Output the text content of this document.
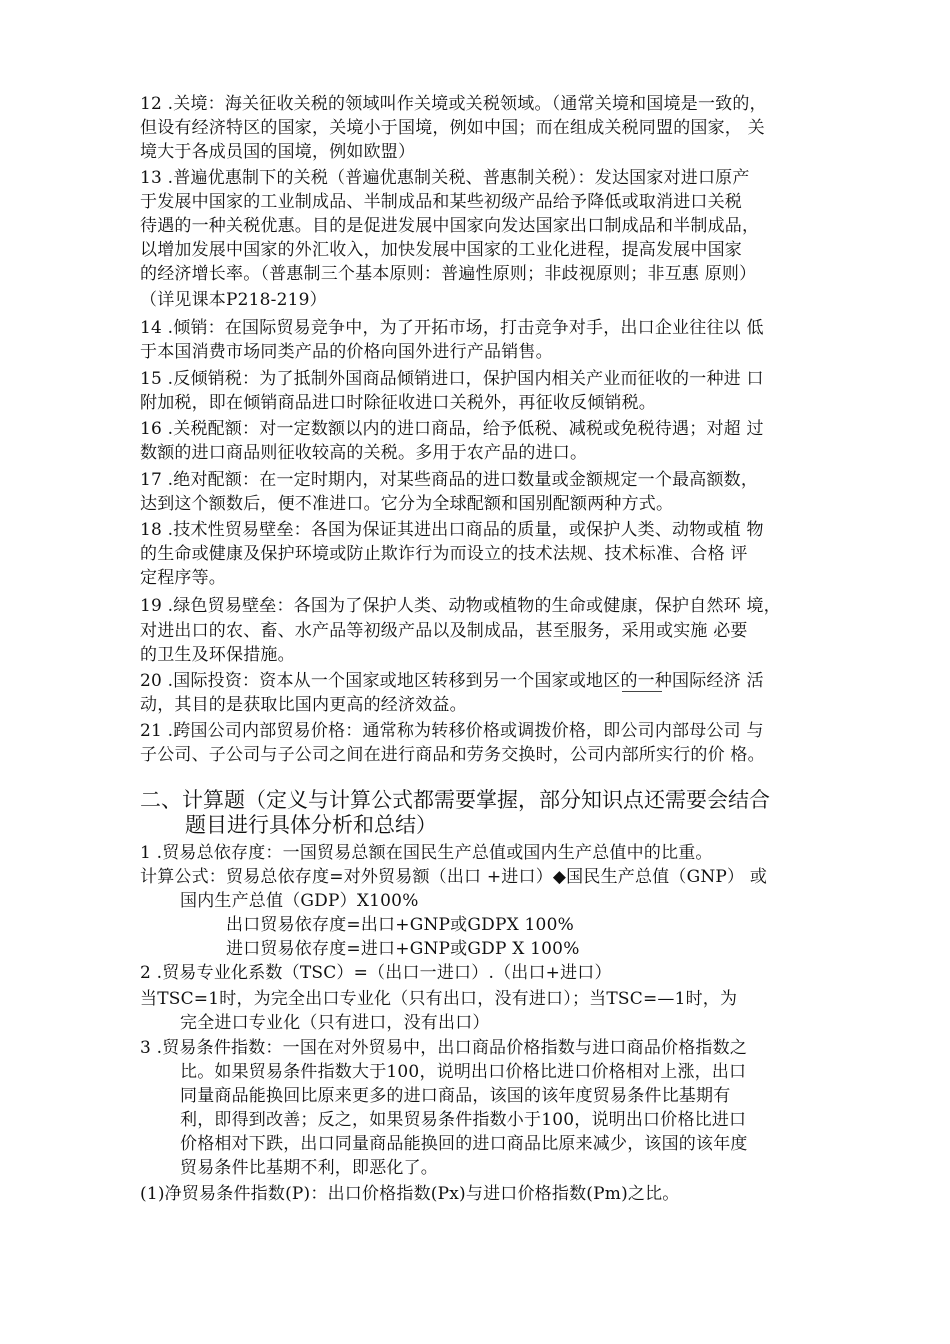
12 .关境：海关征收关税的领域叫作关境或关税领域。（通常关境和国境是一致的，
但设有经济特区的国家，关境小于国境，例如中国；而在组成关税同盟的国家， 关
境大于各成员国的国境，例如欧盟）
13 .普遍优惠制下的关税（普遍优惠制关税、普惠制关税）：发达国家对进口原产
于发展中国家的工业制成品、半制成品和某些初级产品给予降低或取消进口关税
待遇的一种关税优惠。目的是促进发展中国家向发达国家出口制成品和半制成品，
以增加发展中国家的外汇收入，加快发展中国家的工业化进程，提高发展中国家
的经济增长率。（普惠制三个基本原则：普遍性原则；非歧视原则；非互惠 原则）
（详见课本P218-219）
14 .倾销：在国际贸易竞争中，为了开拓市场，打击竞争对手，出口企业往往以 低
于本国消费市场同类产品的价格向国外进行产品销售。
15 .反倾销税：为了抵制外国商品倾销进口，保护国内相关产业而征收的一种进 口
附加税，即在倾销商品进口时除征收进口关税外，再征收反倾销税。
16 .关税配额：对一定数额以内的进口商品，给予低税、减税或免税待遇；对超 过
数额的进口商品则征收较高的关税。多用于农产品的进口。
17 .绝对配额：在一定时期内，对某些商品的进口数量或金额规定一个最高额数，
达到这个额数后，便不准进口。它分为全球配额和国别配额两种方式。
18 .技术性贸易壁垒：各国为保证其进出口商品的质量，或保护人类、动物或植 物
的生命或健康及保护环境或防止欺诈行为而设立的技术法规、技术标准、合格 评
定程序等。
19 .绿色贸易壁垒：各国为了保护人类、动物或植物的生命或健康，保护自然环 境，
对进出口的农、畜、水产品等初级产品以及制成品，甚至服务，采用或实施 必要
的卫生及环保措施。
20 .国际投资：资本从一个国家或地区转移到另一个国家或地区的一种国际经济 活
动，其目的是获取比国内更高的经济效益。
21 .跨国公司内部贸易价格：通常称为转移价格或调拨价格，即公司内部母公司 与
子公司、子公司与子公司之间在进行商品和劳务交换时，公司内部所实行的价 格。
二、计算题（定义与计算公式都需要掌握，部分知识点还需要会结合
题目进行具体分析和总结）
1 .贸易总依存度：一国贸易总额在国民生产总值或国内生产总值中的比重。
计算公式：贸易总依存度=对外贸易额（出口 +进口）◆国民生产总值（GNP） 或
国内生产总值（GDP）X100%
出口贸易依存度=出口+GNP或GDPX 100%
进口贸易依存度=进口+GNP或GDP X 100%
2 .贸易专业化系数（TSC）=（出口一进口）.（出口+进口）
当TSC=1时，为完全出口专业化（只有出口，没有进口）；当TSC=—1时，为
完全进口专业化（只有进口，没有出口）
3 .贸易条件指数：一国在对外贸易中，出口商品价格指数与进口商品价格指数之
比。如果贸易条件指数大于100，说明出口价格比进口价格相对上涨，出口
同量商品能换回比原来更多的进口商品，该国的该年度贸易条件比基期有
利，即得到改善；反之，如果贸易条件指数小于100，说明出口价格比进口
价格相对下跌，出口同量商品能换回的进口商品比原来减少，该国的该年度
贸易条件比基期不利，即恶化了。
(1)净贸易条件指数(P)：出口价格指数(Px)与进口价格指数(Pm)之比。
